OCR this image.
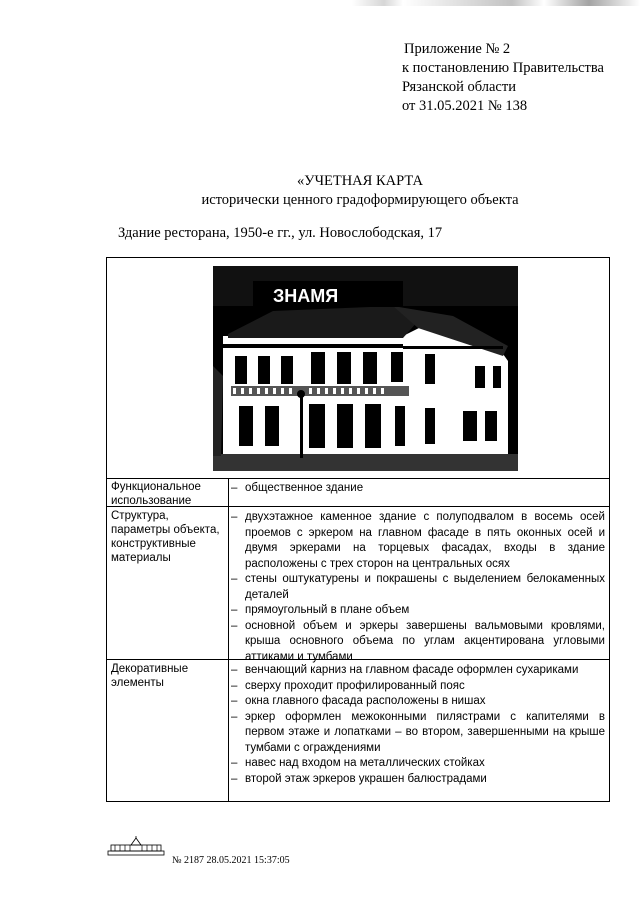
Приложение № 2
к постановлению Правительства
Рязанской области
от 31.05.2021 № 138
«УЧЕТНАЯ КАРТА
исторически ценного градоформирующего объекта
Здание ресторана, 1950-е гг., ул. Новослободская, 17
ЗНАМЯ
Функциональное использование
– общественное здание
Структура, параметры объекта, конструктивные материалы
– двухэтажное каменное здание с полуподвалом в восемь осей проемов с эркером на главном фасаде в пять оконных осей и двумя эркерами на торцевых фасадах, входы в здание расположены с трех сторон на центральных осях
– стены оштукатурены и покрашены с выделением белокаменных деталей
– прямоугольный в плане объем
– основной объем и эркеры завершены вальмовыми кровлями, крыша основного объема по углам акцентирована угловыми аттиками и тумбами
Декоративные элементы
– венчающий карниз на главном фасаде оформлен сухариками
– сверху проходит профилированный пояс
– окна главного фасада расположены в нишах
– эркер оформлен межоконными пилястрами с капителями в первом этаже и лопатками – во втором, завершенными на крыше тумбами с ограждениями
– навес над входом на металлических стойках
– второй этаж эркеров украшен балюстрадами
№ 2187 28.05.2021 15:37:05
